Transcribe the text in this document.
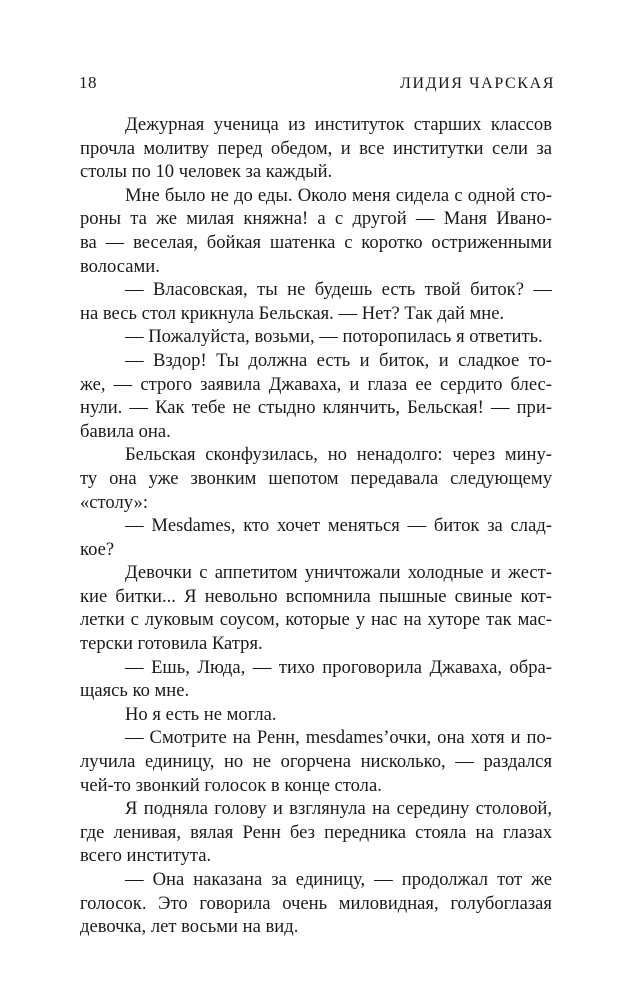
18	ЛИДИЯ ЧАРСКАЯ
Дежурная ученица из институток старших классов
прочла молитву перед обедом, и все институтки сели за
столы по 10 человек за каждый.
Мне было не до еды. Около меня сидела с одной сто-
роны та же милая княжна! а с другой — Маня Ивано-
ва — веселая, бойкая шатенка с коротко остриженными
волосами.
— Власовская, ты не будешь есть твой биток? —
на весь стол крикнула Бельская. — Нет? Так дай мне.
— Пожалуйста, возьми, — поторопилась я ответить.
— Вздор! Ты должна есть и биток, и сладкое то-
же, — строго заявила Джаваха, и глаза ее сердито блес-
нули. — Как тебе не стыдно клянчить, Бельская! — при-
бавила она.
Бельская сконфузилась, но ненадолго: через мину-
ту она уже звонким шепотом передавала следующему
«столу»:
— Mesdames, кто хочет меняться — биток за слад-
кое?
Девочки с аппетитом уничтожали холодные и жест-
кие битки... Я невольно вспомнила пышные свиные кот-
летки с луковым соусом, которые у нас на хуторе так мас-
терски готовила Катря.
— Ешь, Люда, — тихо проговорила Джаваха, обра-
щаясь ко мне.
Но я есть не могла.
— Смотрите на Ренн, mesdames’очки, она хотя и по-
лучила единицу, но не огорчена нисколько, — раздался
чей-то звонкий голосок в конце стола.
Я подняла голову и взглянула на середину столовой,
где ленивая, вялая Ренн без передника стояла на глазах
всего института.
— Она наказана за единицу, — продолжал тот же
голосок. Это говорила очень миловидная, голубоглазая
девочка, лет восьми на вид.
